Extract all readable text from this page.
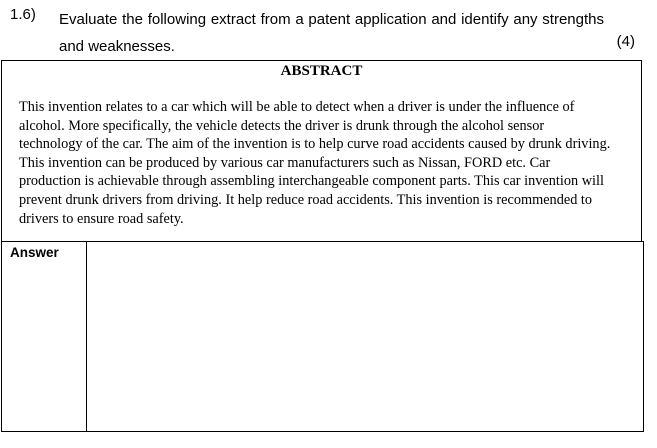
1.6) Evaluate the following extract from a patent application and identify any strengths and weaknesses.	(4)
ABSTRACT

This invention relates to a car which will be able to detect when a driver is under the influence of alcohol. More specifically, the vehicle detects the driver is drunk through the alcohol sensor technology of the car. The aim of the invention is to help curve road accidents caused by drunk driving. This invention can be produced by various car manufacturers such as Nissan, FORD etc. Car production is achievable through assembling interchangeable component parts. This car invention will prevent drunk drivers from driving. It help reduce road accidents. This invention is recommended to drivers to ensure road safety.

Answer
